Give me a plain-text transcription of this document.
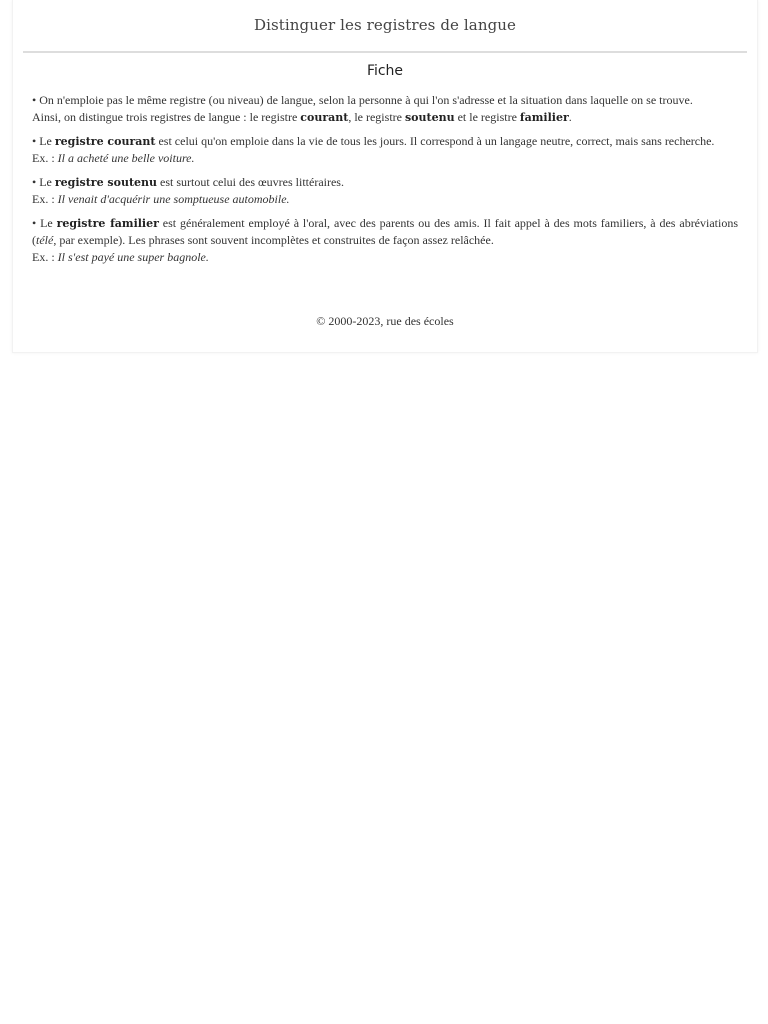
Distinguer les registres de langue
Fiche

• On n'emploie pas le même registre (ou niveau) de langue, selon la personne à qui l'on s'adresse et la situation dans laquelle on se trouve.
Ainsi, on distingue trois registres de langue : le registre courant, le registre soutenu et le registre familier.

• Le registre courant est celui qu'on emploie dans la vie de tous les jours. Il correspond à un langage neutre, correct, mais sans recherche.
Ex. : Il a acheté une belle voiture.

• Le registre soutenu est surtout celui des œuvres littéraires.
Ex. : Il venait d'acquérir une somptueuse automobile.

• Le registre familier est généralement employé à l'oral, avec des parents ou des amis. Il fait appel à des mots familiers, à des abréviations (télé, par exemple). Les phrases sont souvent incomplètes et construites de façon assez relâchée.
Ex. : Il s'est payé une super bagnole.

© 2000-2023, rue des écoles
